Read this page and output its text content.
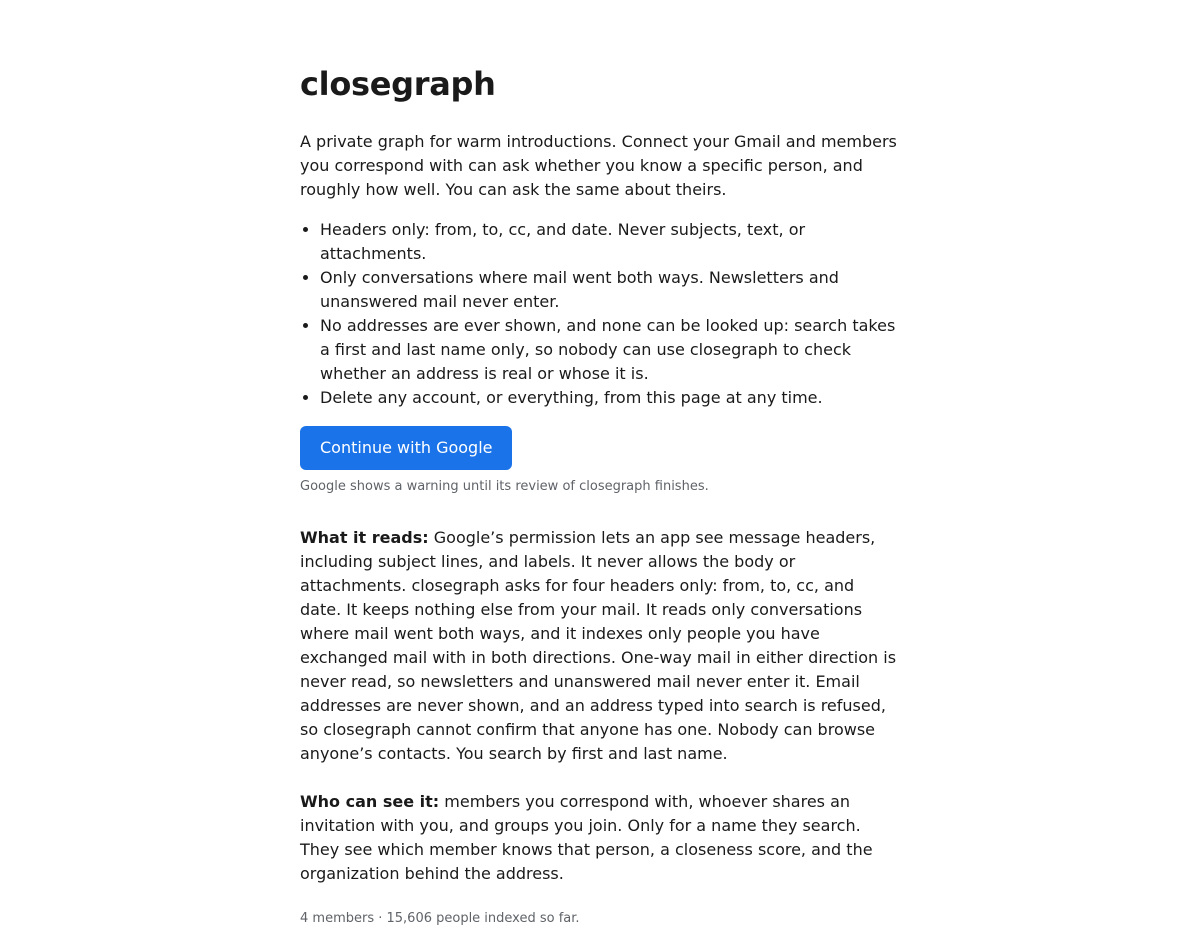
closegraph

A private graph for warm introductions. Connect your Gmail and members you correspond with can ask whether you know a specific person, and roughly how well. You can ask the same about theirs.

• Headers only: from, to, cc, and date. Never subjects, text, or attachments.
• Only conversations where mail went both ways. Newsletters and unanswered mail never enter.
• No addresses are ever shown, and none can be looked up: search takes a first and last name only, so nobody can use closegraph to check whether an address is real or whose it is.
• Delete any account, or everything, from this page at any time.
Continue with Google

Google shows a warning until its review of closegraph finishes.

What it reads: Google’s permission lets an app see message headers, including subject lines, and labels. It never allows the body or attachments. closegraph asks for four headers only: from, to, cc, and date. It keeps nothing else from your mail. It reads only conversations where mail went both ways, and it indexes only people you have exchanged mail with in both directions. One-way mail in either direction is never read, so newsletters and unanswered mail never enter it. Email addresses are never shown, and an address typed into search is refused, so closegraph cannot confirm that anyone has one. Nobody can browse anyone’s contacts. You search by first and last name.

Who can see it: members you correspond with, whoever shares an invitation with you, and groups you join. Only for a name they search. They see which member knows that person, a closeness score, and the organization behind the address.

4 members · 15,606 people indexed so far.
